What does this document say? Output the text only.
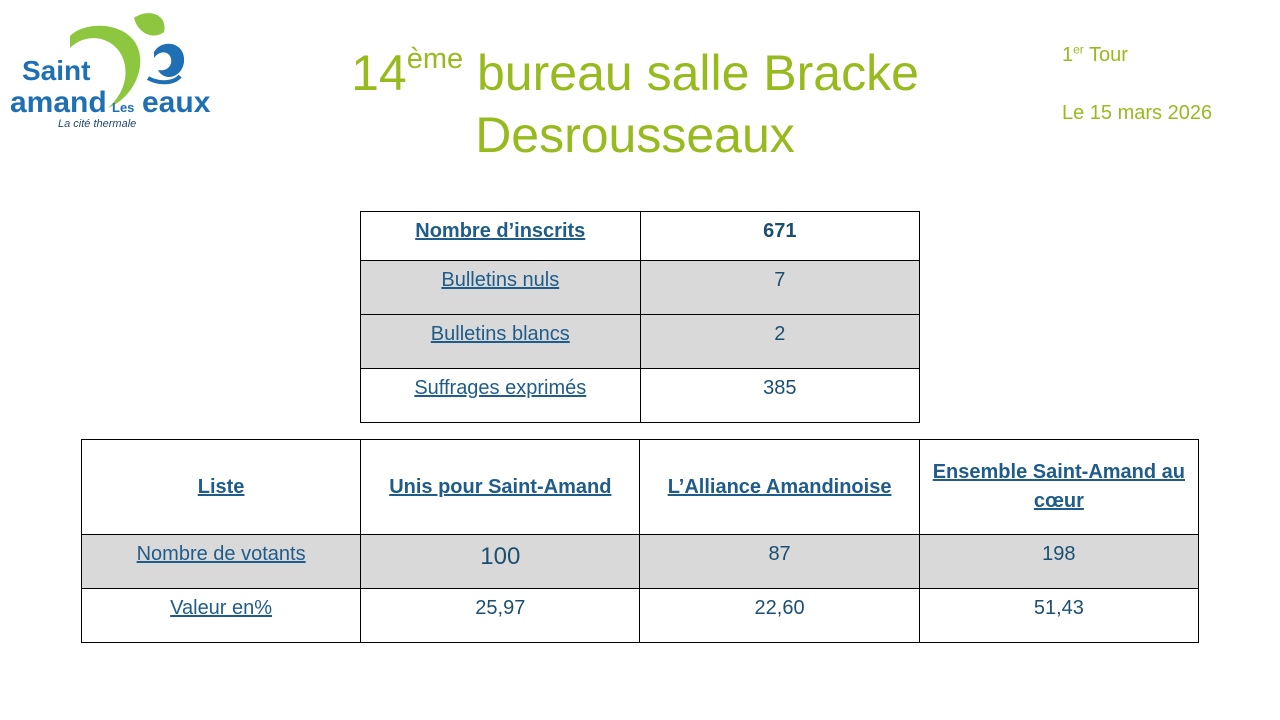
Saint
amand Les eaux
La cité thermale
14ème bureau salle Bracke
Desrousseaux
1er Tour
Le 15 mars 2026
Nombre d’inscrits	671
Bulletins nuls	7
Bulletins blancs	2
Suffrages exprimés	385
Liste	Unis pour Saint-Amand	L’Alliance Amandinoise	Ensemble Saint-Amand au cœur
Nombre de votants	100	87	198
Valeur en%	25,97	22,60	51,43
